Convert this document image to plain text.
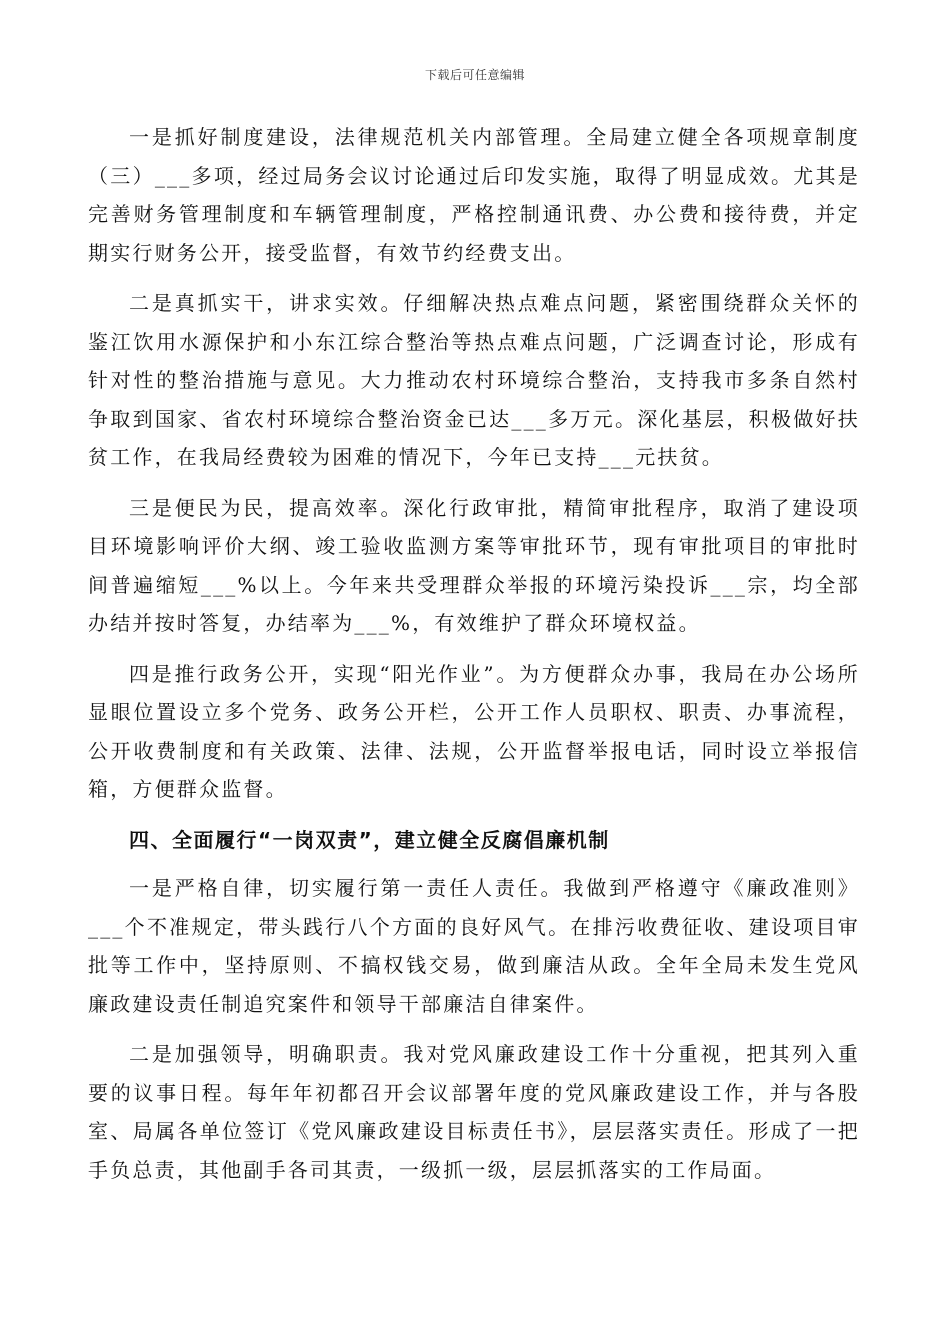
下载后可任意编辑

一是抓好制度建设，法律规范机关内部管理。全局建立健全各项规章制度（三）___多项，经过局务会议讨论通过后印发实施，取得了明显成效。尤其是完善财务管理制度和车辆管理制度，严格控制通讯费、办公费和接待费，并定期实行财务公开，接受监督，有效节约经费支出。

二是真抓实干，讲求实效。仔细解决热点难点问题，紧密围绕群众关怀的鉴江饮用水源保护和小东江综合整治等热点难点问题，广泛调查讨论，形成有针对性的整治措施与意见。大力推动农村环境综合整治，支持我市多条自然村争取到国家、省农村环境综合整治资金已达___多万元。深化基层，积极做好扶贫工作，在我局经费较为困难的情况下，今年已支持___元扶贫。

三是便民为民，提高效率。深化行政审批，精简审批程序，取消了建设项目环境影响评价大纲、竣工验收监测方案等审批环节，现有审批项目的审批时间普遍缩短___%以上。今年来共受理群众举报的环境污染投诉___宗，均全部办结并按时答复，办结率为___%，有效维护了群众环境权益。

四是推行政务公开，实现“阳光作业”。为方便群众办事，我局在办公场所显眼位置设立多个党务、政务公开栏，公开工作人员职权、职责、办事流程，公开收费制度和有关政策、法律、法规，公开监督举报电话，同时设立举报信箱，方便群众监督。

四、全面履行“一岗双责”，建立健全反腐倡廉机制

一是严格自律，切实履行第一责任人责任。我做到严格遵守《廉政准则》___个不准规定，带头践行八个方面的良好风气。在排污收费征收、建设项目审批等工作中，坚持原则、不搞权钱交易，做到廉洁从政。全年全局未发生党风廉政建设责任制追究案件和领导干部廉洁自律案件。

二是加强领导，明确职责。我对党风廉政建设工作十分重视，把其列入重要的议事日程。每年年初都召开会议部署年度的党风廉政建设工作，并与各股室、局属各单位签订《党风廉政建设目标责任书》，层层落实责任。形成了一把手负总责，其他副手各司其责，一级抓一级，层层抓落实的工作局面。
